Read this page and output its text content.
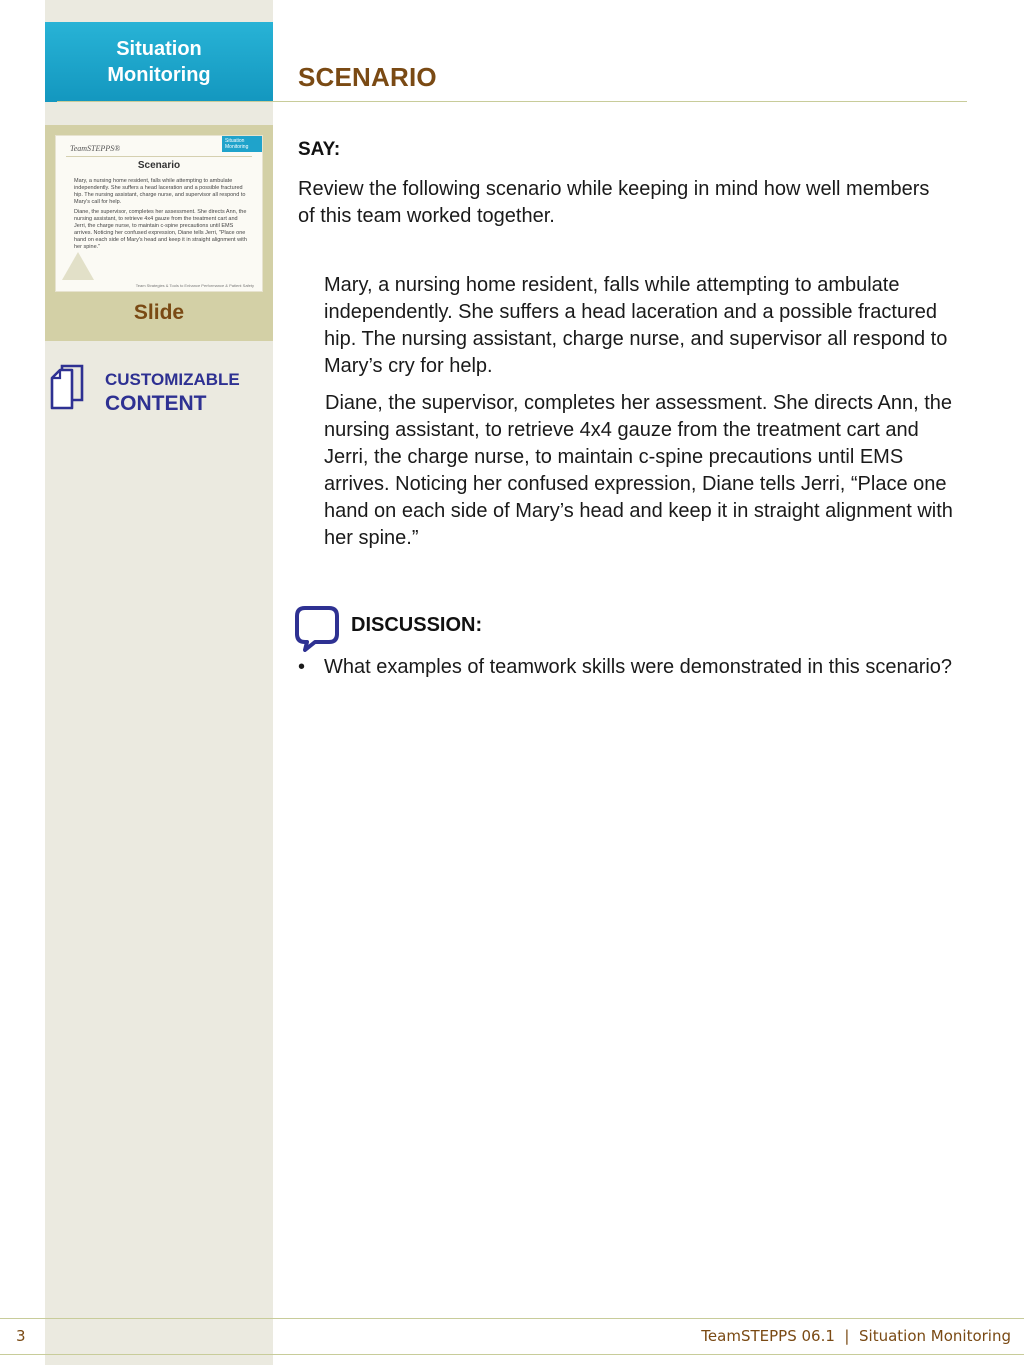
Situation Monitoring	SCENARIO
TeamSTEPPS®
Situation Monitoring
Scenario

Mary, a nursing home resident, falls while attempting to ambulate independently. She suffers a head laceration and a possible fractured hip. The nursing assistant, charge nurse, and supervisor all respond to Mary's call for help.

Diane, the supervisor, completes her assessment. She directs Ann, the nursing assistant, to retrieve 4x4 gauze from the treatment cart and Jerri, the charge nurse, to maintain c-spine precautions until EMS arrives. Noticing her confused expression, Diane tells Jerri, "Place one hand on each side of Mary's head and keep it in straight alignment with her spine."

Team Strategies & Tools to Enhance Performance & Patient Safety
Slide
CUSTOMIZABLE
CONTENT
SAY:
Review the following scenario while keeping in mind how well members of this team worked together.

Mary, a nursing home resident, falls while attempting to ambulate independently. She suffers a head laceration and a possible fractured hip. The nursing assistant, charge nurse, and supervisor all respond to Mary’s cry for help.

Diane, the supervisor, completes her assessment. She directs Ann, the nursing assistant, to retrieve 4x4 gauze from the treatment cart and Jerri, the charge nurse, to maintain c-spine precautions until EMS arrives. Noticing her confused expression, Diane tells Jerri, “Place one hand on each side of Mary’s head and keep it in straight alignment with her spine.”

DISCUSSION:
• What examples of teamwork skills were demonstrated in this scenario?
3	TeamSTEPPS 06.1  |  Situation Monitoring
